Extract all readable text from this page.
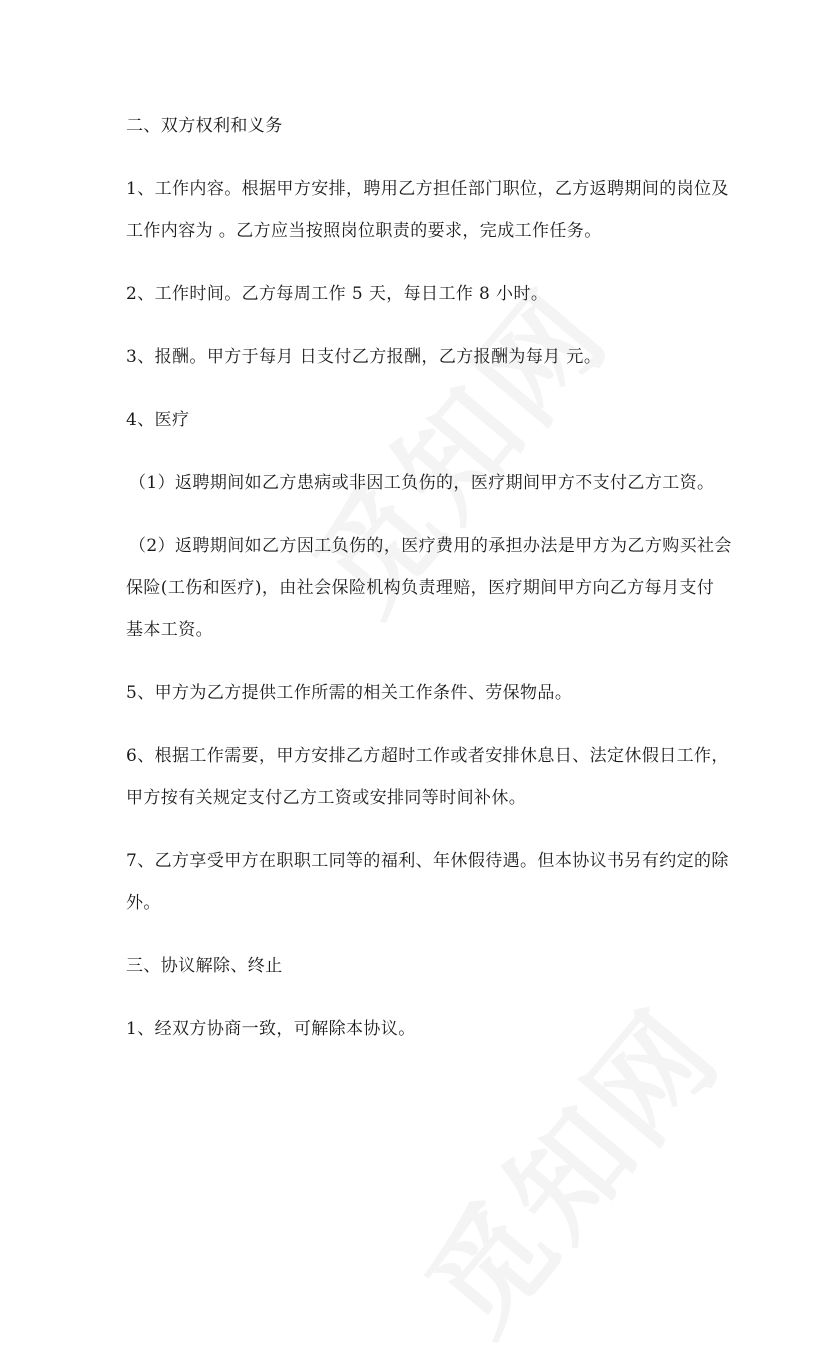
二、双方权利和义务
1、工作内容。根据甲方安排，聘用乙方担任部门职位，乙方返聘期间的岗位及
工作内容为 。乙方应当按照岗位职责的要求，完成工作任务。
2、工作时间。乙方每周工作 5 天，每日工作 8 小时。
3、报酬。甲方于每月 日支付乙方报酬，乙方报酬为每月 元。
4、医疗
（1）返聘期间如乙方患病或非因工负伤的，医疗期间甲方不支付乙方工资。
（2）返聘期间如乙方因工负伤的，医疗费用的承担办法是甲方为乙方购买社会
保险(工伤和医疗)，由社会保险机构负责理赔，医疗期间甲方向乙方每月支付
基本工资。
5、甲方为乙方提供工作所需的相关工作条件、劳保物品。
6、根据工作需要，甲方安排乙方超时工作或者安排休息日、法定休假日工作，
甲方按有关规定支付乙方工资或安排同等时间补休。
7、乙方享受甲方在职职工同等的福利、年休假待遇。但本协议书另有约定的除
外。
三、协议解除、终止
1、经双方协商一致，可解除本协议。
